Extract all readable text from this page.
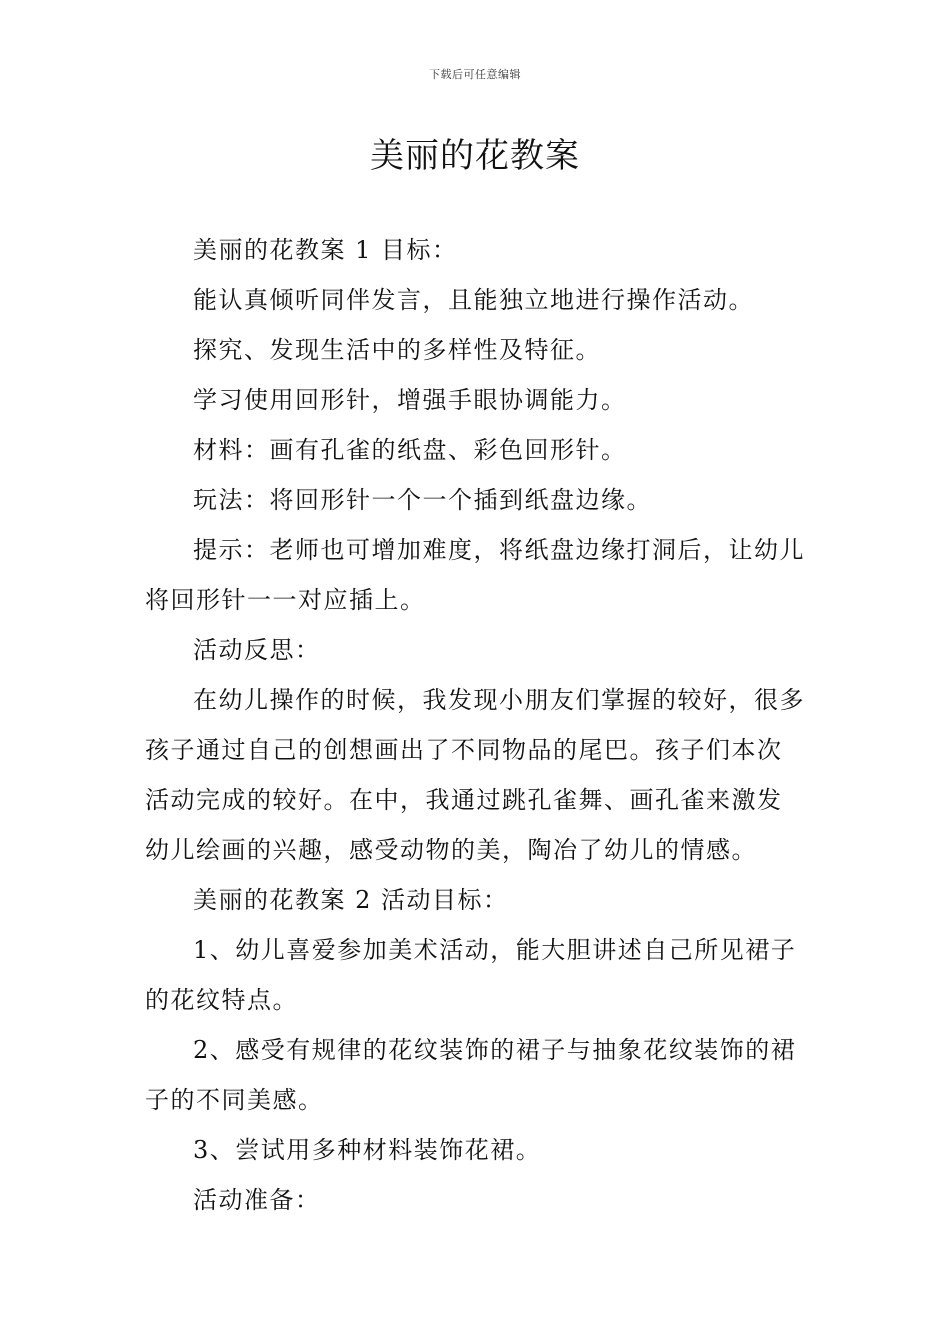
下载后可任意编辑
美丽的花教案

美丽的花教案 1 目标：

能认真倾听同伴发言，且能独立地进行操作活动。

探究、发现生活中的多样性及特征。

学习使用回形针，增强手眼协调能力。

材料：画有孔雀的纸盘、彩色回形针。

玩法：将回形针一个一个插到纸盘边缘。

提示：老师也可增加难度，将纸盘边缘打洞后，让幼儿将回形针一一对应插上。

活动反思：

在幼儿操作的时候，我发现小朋友们掌握的较好，很多孩子通过自己的创想画出了不同物品的尾巴。孩子们本次活动完成的较好。在中，我通过跳孔雀舞、画孔雀来激发幼儿绘画的兴趣，感受动物的美，陶冶了幼儿的情感。

美丽的花教案 2 活动目标：

1、幼儿喜爱参加美术活动，能大胆讲述自己所见裙子的花纹特点。

2、感受有规律的花纹装饰的裙子与抽象花纹装饰的裙子的不同美感。

3、尝试用多种材料装饰花裙。

活动准备：
